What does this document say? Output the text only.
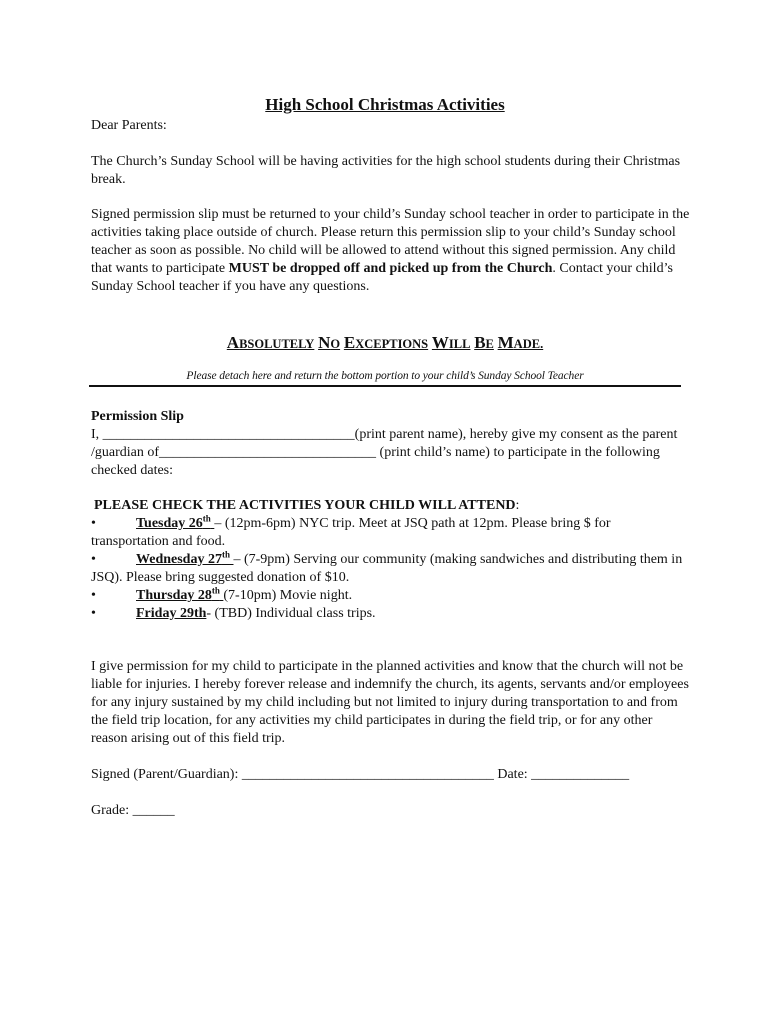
High School Christmas Activities
Dear Parents:
The Church’s Sunday School will be having activities for the high school students during their Christmas break.
Signed permission slip must be returned to your child’s Sunday school teacher in order to participate in the activities taking place outside of church. Please return this permission slip to your child’s Sunday school teacher as soon as possible. No child will be allowed to attend without this signed permission. Any child that wants to participate MUST be dropped off and picked up from the Church. Contact your child’s Sunday School teacher if you have any questions.
ABSOLUTELY NO EXCEPTIONS WILL BE MADE.
Please detach here and return the bottom portion to your child’s Sunday School Teacher
Permission Slip
I, ____________________________________(print parent name), hereby give my consent as the parent /guardian of_______________________________ (print child’s name) to participate in the following checked dates:
PLEASE CHECK THE ACTIVITIES YOUR CHILD WILL ATTEND:
•	Tuesday 26th – (12pm-6pm) NYC trip. Meet at JSQ path at 12pm. Please bring $ for transportation and food.
•	Wednesday 27th – (7-9pm) Serving our community (making sandwiches and distributing them in JSQ). Please bring suggested donation of $10.
•	Thursday 28th (7-10pm) Movie night.
•	Friday 29th- (TBD) Individual class trips.
I give permission for my child to participate in the planned activities and know that the church will not be liable for injuries. I hereby forever release and indemnify the church, its agents, servants and/or employees for any injury sustained by my child including but not limited to injury during transportation to and from the field trip location, for any activities my child participates in during the field trip, or for any other reason arising out of this field trip.
Signed (Parent/Guardian): ____________________________________ Date: ______________
Grade: ______
